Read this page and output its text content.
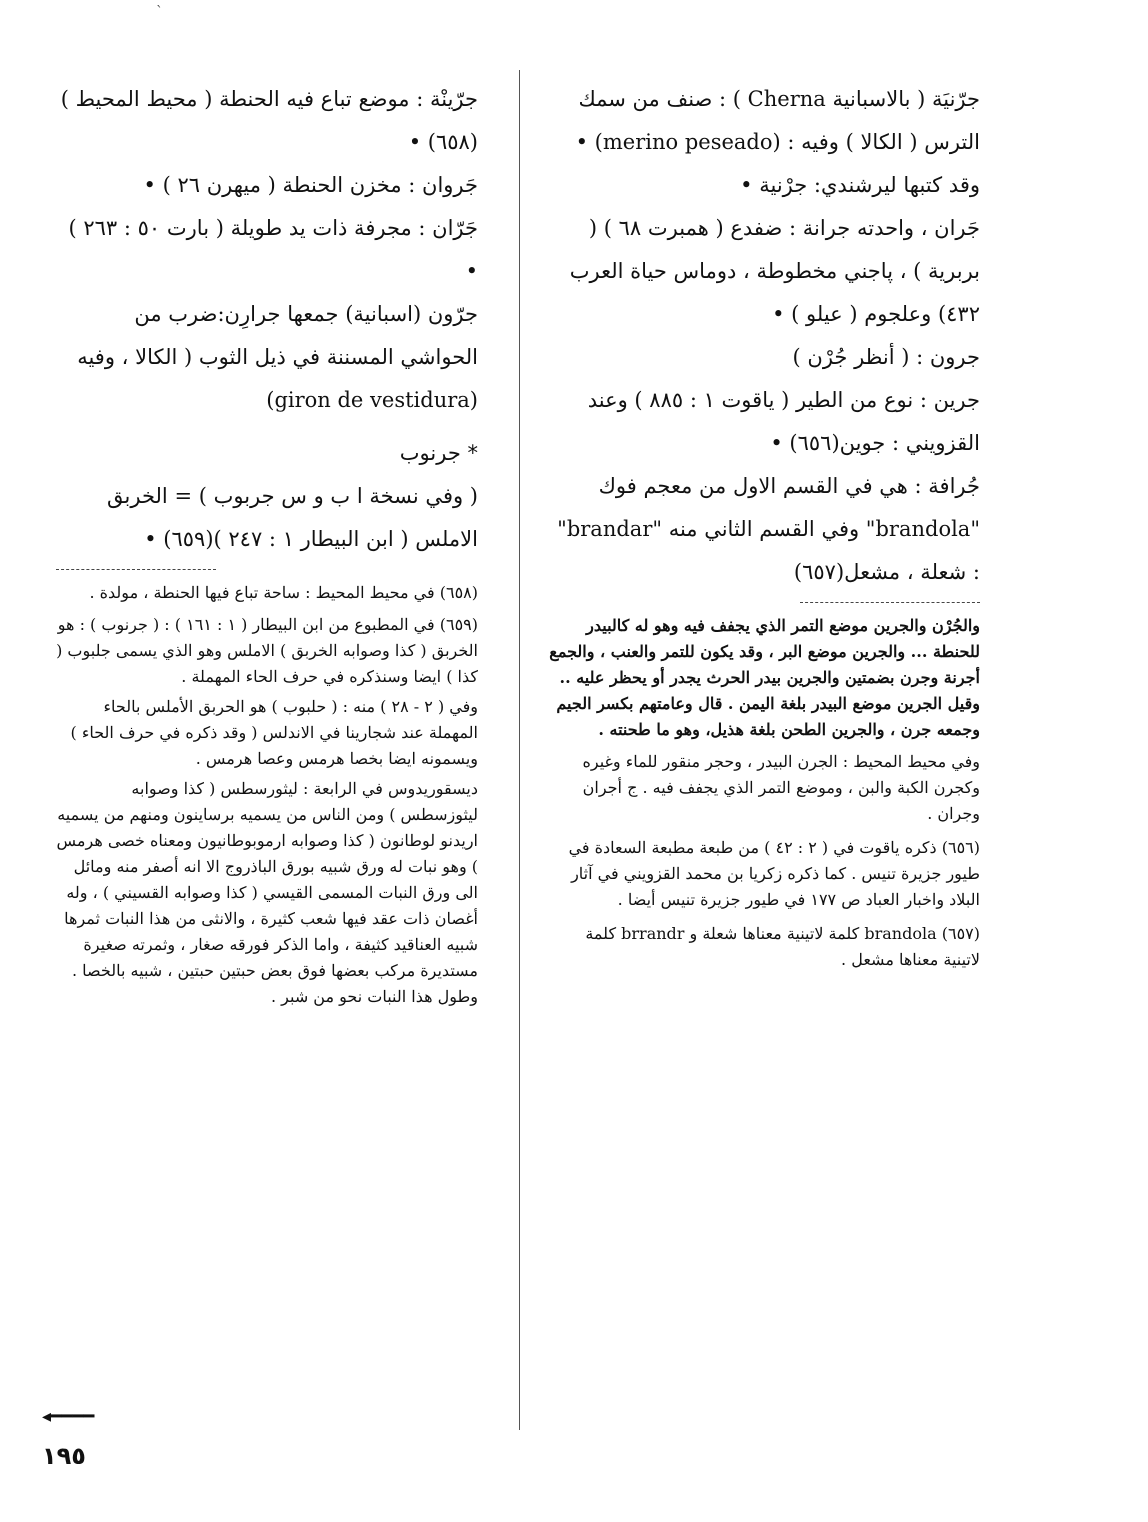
`
جرّنيَة ( بالاسبانية Cherna ) : صنف من سمك الترس ( الكالا ) وفيه : (merino peseado) • وقد كتبها ليرشندي: جرْنية •
جَران ، واحدته جرانة : ضفدع ( همبرت ٦٨ ) ( بربرية ) ، پاجني مخطوطة ، دوماس حياة العرب ٤٣٢) وعلجوم ( عيلو ) •
جرون : ( أنظر جُرْن )
جرين : نوع من الطير ( ياقوت ١ : ٨٨٥ ) وعند القزويني : جوين(٦٥٦) •
جُرافة : هي في القسم الاول من معجم فوك "brandola" وفي القسم الثاني منه "brandar" : شعلة ، مشعل(٦٥٧)
والجُرْن والجرين موضع التمر الذي يجفف فيه وهو له كالبيدر للحنطة ... والجرين موضع البر ، وقد يكون للتمر والعنب ، والجمع أجرنة وجرن بضمتين والجرين بيدر الحرث يجدر أو يحظر عليه .. وقيل الجرين موضع البيدر بلغة اليمن . قال وعامتهم بكسر الجيم وجمعه جرن ، والجرين الطحن بلغة هذيل، وهو ما طحنته .
وفي محيط المحيط : الجرن البيدر ، وحجر منقور للماء وغيره وكجرن الكبة والبن ، وموضع التمر الذي يجفف فيه . ج أجران وجران .
(٦٥٦) ذكره ياقوت في ( ٢ : ٤٢ ) من طبعة مطبعة السعادة في طيور جزيرة تنيس . كما ذكره زكريا بن محمد القزويني في آثار البلاد واخبار العباد ص ١٧٧ في طيور جزيرة تنيس أيضا .
(٦٥٧) brandola كلمة لاتينية معناها شعلة و brrandr كلمة لاتينية معناها مشعل .
جرّينْة : موضع تباع فيه الحنطة ( محيط المحيط )(٦٥٨) •
جَروان : مخزن الحنطة ( ميهرن ٢٦ ) •
جَرّان : مجرفة ذات يد طويلة ( بارت ٥٠ : ٢٦٣ ) •
جرّون (اسبانية) جمعها جرارِن:ضرب من الحواشي المسننة في ذيل الثوب ( الكالا ، وفيه (giron de vestidura)
* جرنوب
( وفي نسخة ا ب و س جربوب ) = الخربق الاملس ( ابن البيطار ١ : ٢٤٧ )(٦٥٩) •
(٦٥٨) في محيط المحيط : ساحة تباع فيها الحنطة ، مولدة .
(٦٥٩) في المطبوع من ابن البيطار ( ١ : ١٦١ ) : ( جرنوب ) : هو الخربق ( كذا وصوابه الخربق ) الاملس وهو الذي يسمى جلبوب ( كذا ) ايضا وسنذكره في حرف الحاء المهملة .
وفي ( ٢ - ٢٨ ) منه : ( حلبوب ) هو الحربق الأملس بالحاء المهملة عند شجارينا في الاندلس ( وقد ذكره في حرف الحاء ) ويسمونه ايضا بخصا هرمس وعصا هرمس .
ديسقوريدوس في الرابعة : ليثورسطس ( كذا وصوابه ليثوزسطس ) ومن الناس من يسميه برساينون ومنهم من يسميه اريدنو لوطانون ( كذا وصوابه ارموبوطانيون ومعناه خصى هرمس ) وهو نبات له ورق شبيه بورق الباذروج الا انه أصفر منه ومائل الى ورق النبات المسمى القيسي ( كذا وصوابه القسيني ) ، وله أغصان ذات عقد فيها شعب كثيرة ، والانثى من هذا النبات ثمرها شبيه العناقيد كثيفة ، واما الذكر فورقه صغار ، وثمرته صغيرة مستديرة مركب بعضها فوق بعض حبتين حبتين ، شبيه بالخصا . وطول هذا النبات نحو من شبر .
◂━━━━
١٩٥
